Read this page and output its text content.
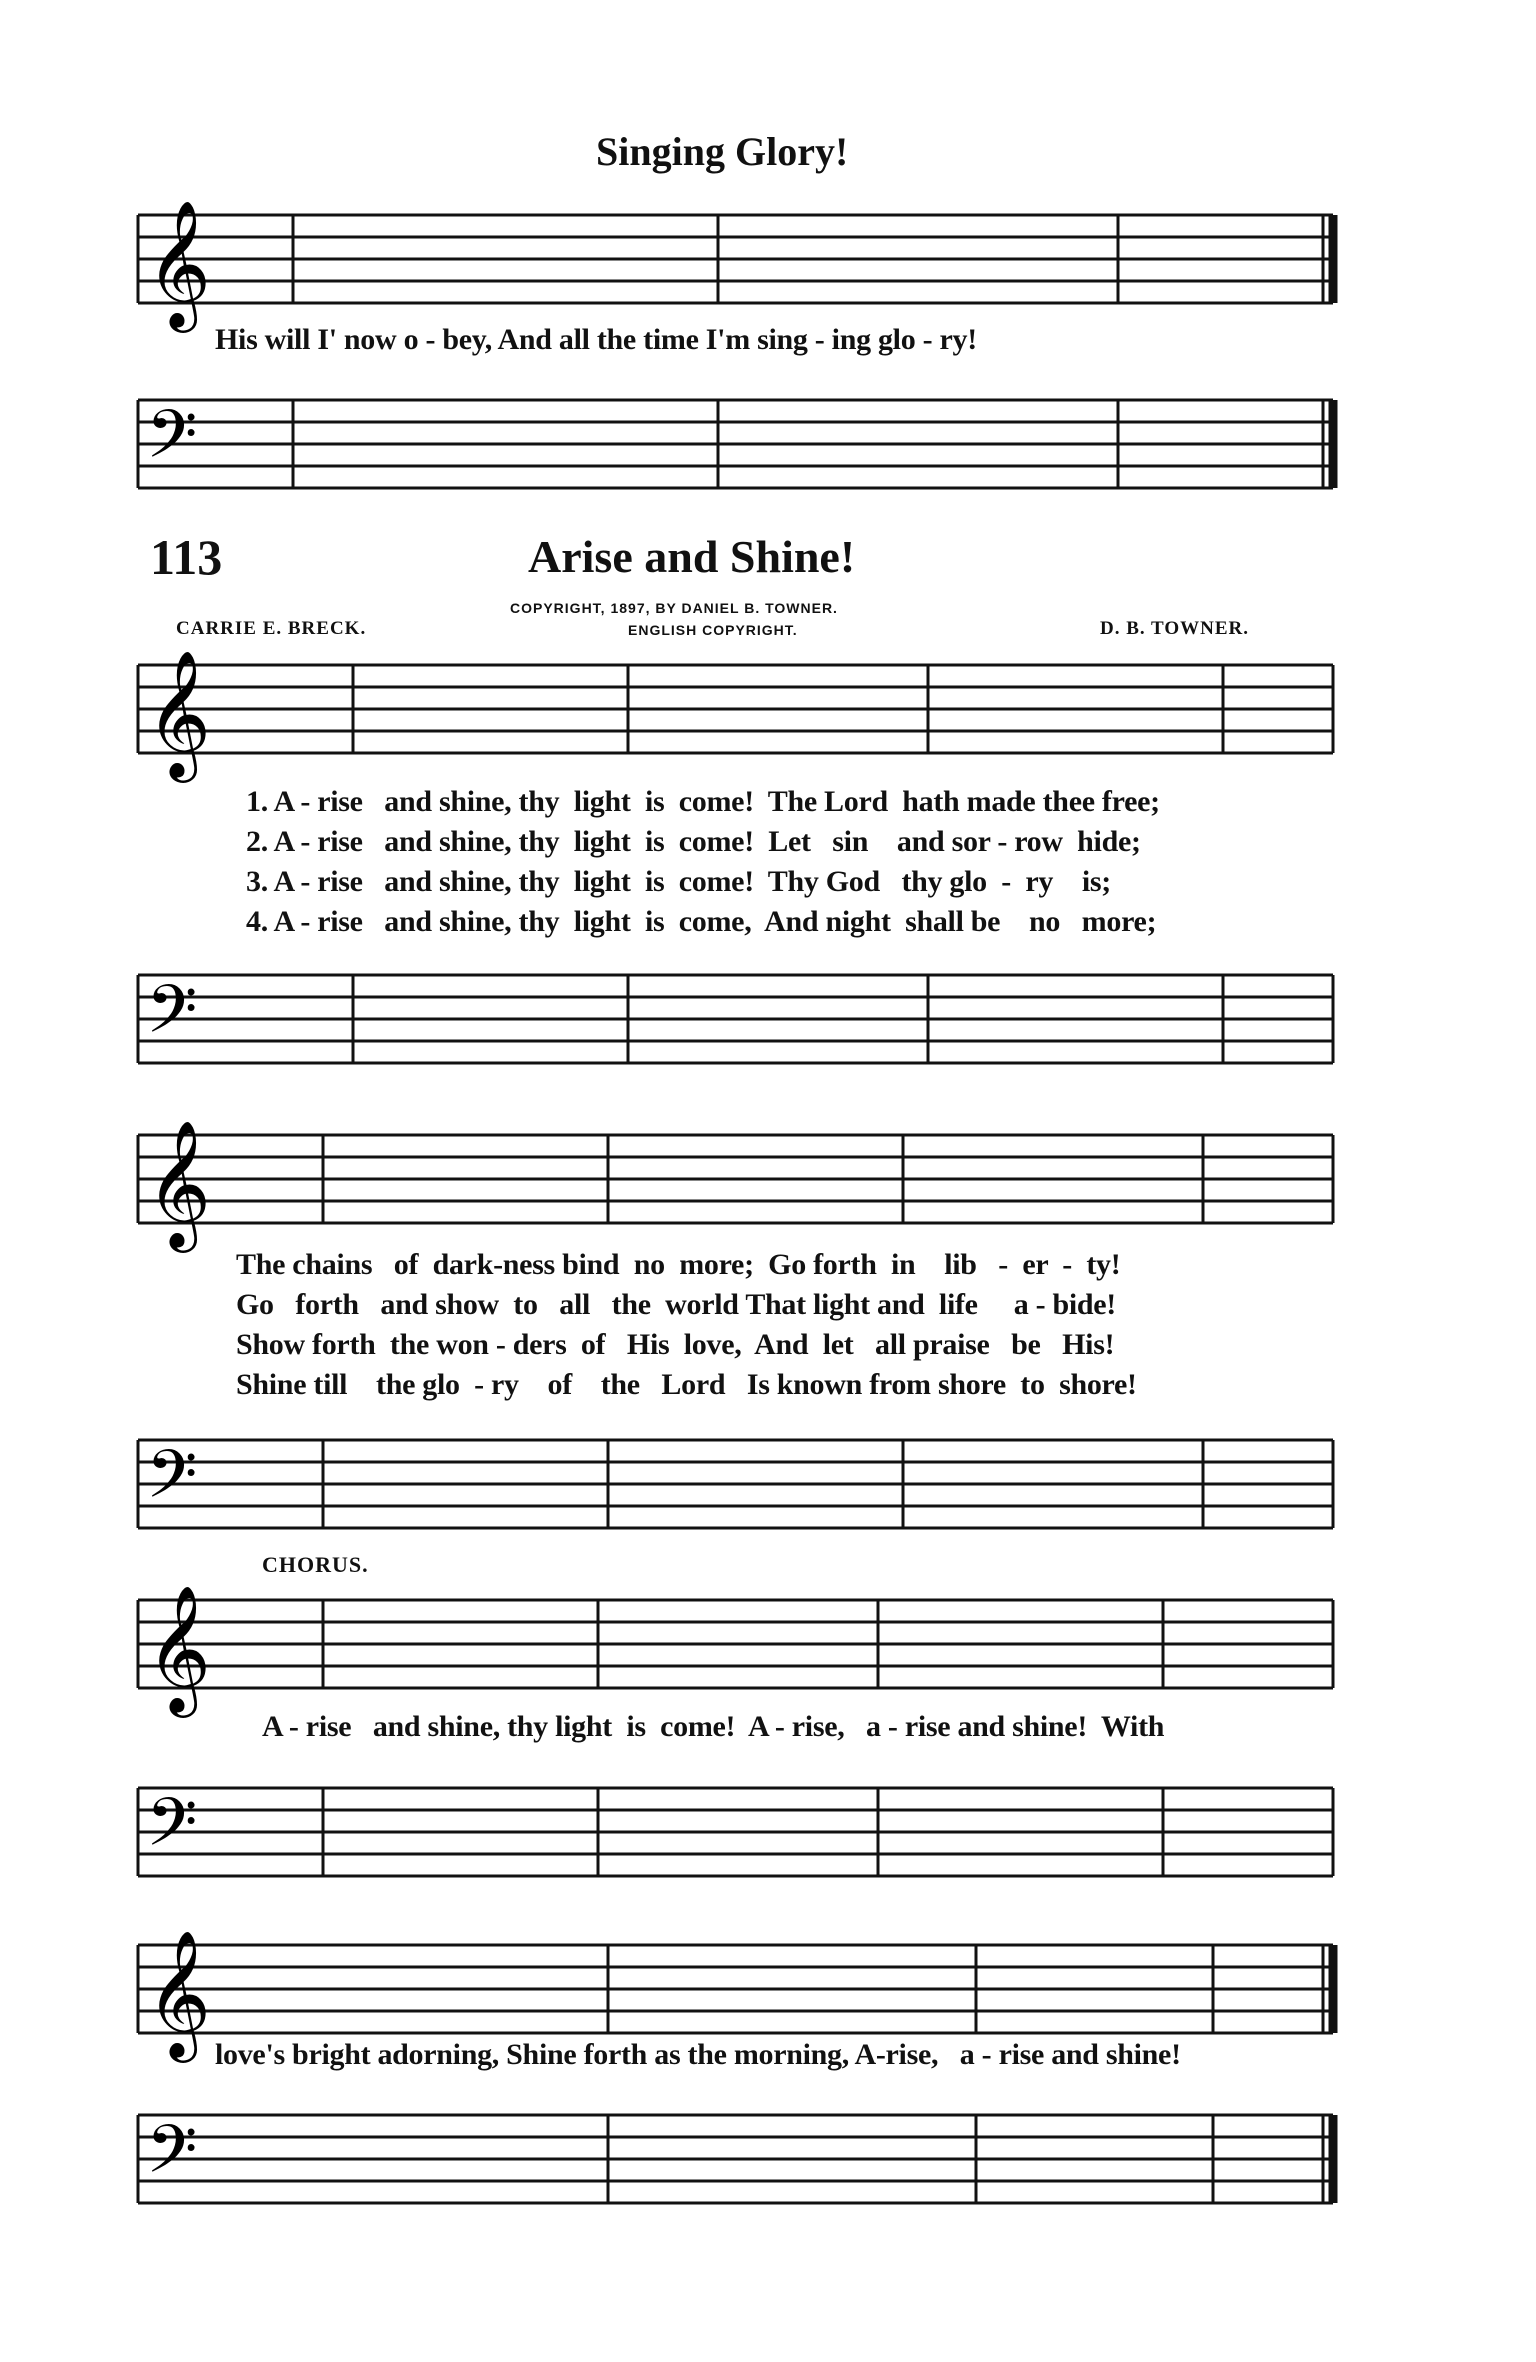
Singing Glory!
𝄞
His will I' now o - bey, And all the time I'm sing - ing glo - ry!
𝄢
113	Arise and Shine!
COPYRIGHT, 1897, BY DANIEL B. TOWNER.
ENGLISH COPYRIGHT.
CARRIE E. BRECK.	D. B. TOWNER.
𝄞
1. A - rise   and shine, thy  light  is  come!  The Lord  hath made thee free;
2. A - rise   and shine, thy  light  is  come!  Let   sin    and sor - row  hide;
3. A - rise   and shine, thy  light  is  come!  Thy God   thy glo  -  ry    is;
4. A - rise   and shine, thy  light  is  come,  And night  shall be    no   more;
𝄢
𝄞
The chains   of  dark-ness bind  no  more;  Go forth  in    lib   -  er  -  ty!
Go   forth   and show  to   all   the  world That light and  life     a - bide!
Show forth  the won - ders  of   His  love,  And  let   all praise   be   His!
Shine till    the glo  - ry    of    the   Lord   Is known from shore  to  shore!
𝄢
CHORUS.
𝄞
A - rise   and shine, thy light  is  come!  A - rise,   a - rise and shine!  With
𝄢
𝄞 love's bright adorning, Shine forth as the morning, A-rise,   a - rise and shine!
𝄢
